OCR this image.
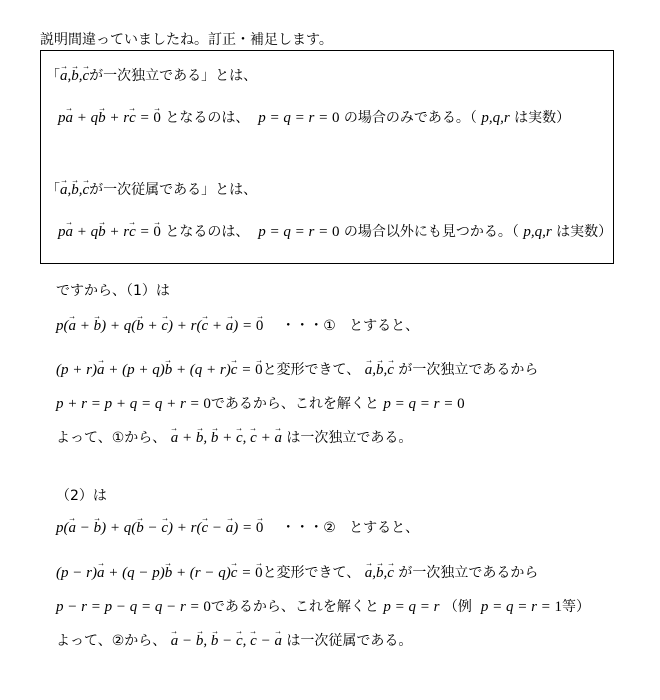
説明間違っていましたね。訂正・補足します。
「→ a,→ b,→ cが一次独立である」とは、
p→ a + q→ b + r→ c = → 0 となるのは、 p = q = r = 0 の場合のみである。（ p,q,r は実数）
「→ a,→ b,→ cが一次従属である」とは、
p→ a + q→ b + r→ c = → 0 となるのは、 p = q = r = 0 の場合以外にも見つかる。（ p,q,r は実数）
ですから、（1）は
p(→ a + → b) + q(→ b + → c) + r(→ c + → a) = → 0 ・・・① とすると、
(p + r)→ a + (p + q)→ b + (q + r)→ c = → 0と変形できて、 → a,→ b,→ c が一次独立であるから
p + r = p + q = q + r = 0であるから、これを解くと p = q = r = 0
よって、①から、 → a + → b, → b + → c, → c + → a は一次独立である。
（2）は
p(→ a − → b) + q(→ b − → c) + r(→ c − → a) = → 0 ・・・② とすると、
(p − r)→ a + (q − p)→ b + (r − q)→ c = → 0と変形できて、 → a,→ b,→ c が一次独立であるから
p − r = p − q = q − r = 0であるから、これを解くと p = q = r （例 p = q = r = 1等）
よって、②から、 → a − → b, → b − → c, → c − → a は一次従属である。
